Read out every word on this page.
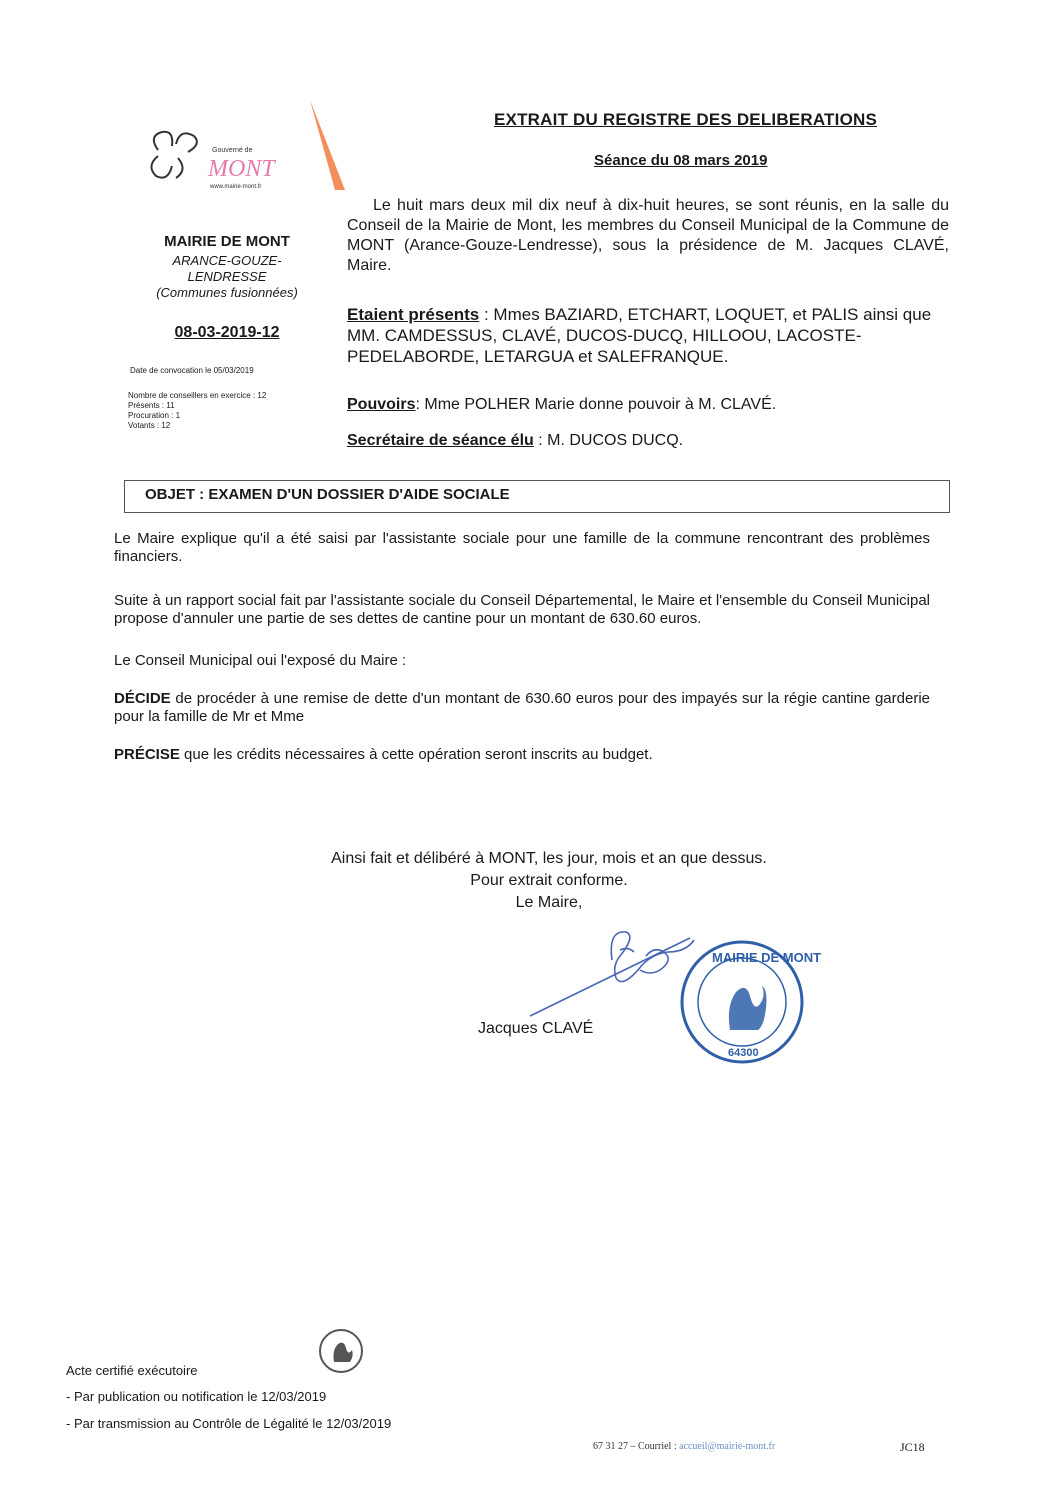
EXTRAIT DU REGISTRE DES DELIBERATIONS
Séance du 08 mars 2019
Le huit mars deux mil dix neuf à dix-huit heures, se sont réunis, en la salle du Conseil de la Mairie de Mont, les membres du Conseil Municipal de la Commune de MONT (Arance-Gouze-Lendresse), sous la présidence de M. Jacques CLAVÉ, Maire.
Etaient présents : Mmes BAZIARD, ETCHART, LOQUET, et PALIS ainsi que MM. CAMDESSUS, CLAVÉ, DUCOS-DUCQ, HILLOOU, LACOSTE-PEDELABORDE, LETARGUA et SALEFRANQUE.
Pouvoirs: Mme POLHER Marie donne pouvoir à M. CLAVÉ.
Secrétaire de séance élu : M. DUCOS DUCQ.
Gouverné de
MONT
www.mairie-mont.fr
MAIRIE DE MONT
ARANCE-GOUZE-
LENDRESSE
(Communes fusionnées)
08-03-2019-12
Date de convocation le 05/03/2019
Nombre de conseillers en exercice : 12
Présents : 11
Procuration : 1
Votants : 12
OBJET : EXAMEN D'UN DOSSIER D'AIDE SOCIALE
Le Maire explique qu'il a été saisi par l'assistante sociale pour une famille de la commune rencontrant des problèmes financiers.
Suite à un rapport social fait par l'assistante sociale du Conseil Départemental, le Maire et l'ensemble du Conseil Municipal propose d'annuler une partie de ses dettes de cantine pour un montant de 630.60 euros.
Le Conseil Municipal oui l'exposé du Maire :
DÉCIDE de procéder à une remise de dette d'un montant de 630.60 euros pour des impayés sur la régie cantine garderie pour la famille de Mr et Mme
PRÉCISE que les crédits nécessaires à cette opération seront inscrits au budget.
Ainsi fait et délibéré à MONT, les jour, mois et an que dessus.
Pour extrait conforme.
Le Maire,
MAIRIE DE MONT
64300
Jacques CLAVÉ
Acte certifié exécutoire
- Par publication ou notification le 12/03/2019
- Par transmission au Contrôle de Légalité le 12/03/2019
67 31 27 – Courriel : accueil@mairie-mont.fr	JC18
